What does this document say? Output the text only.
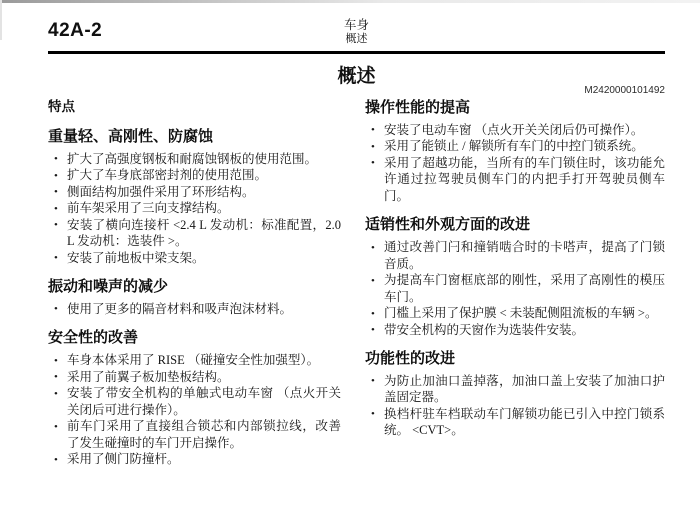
42A-2	车身
概述
概述
M2420000101492
特点
重量轻、高刚性、防腐蚀
• 扩大了高强度钢板和耐腐蚀钢板的使用范围。
• 扩大了车身底部密封剂的使用范围。
• 侧面结构加强件采用了环形结构。
• 前车架采用了三向支撑结构。
• 安装了横向连接杆 <2.4 L 发动机：标准配置，2.0 L 发动机：选装件 >。
• 安装了前地板中梁支架。
振动和噪声的减少
• 使用了更多的隔音材料和吸声泡沫材料。
安全性的改善
• 车身本体采用了 RISE （碰撞安全性加强型）。
• 采用了前翼子板加垫板结构。
• 安装了带安全机构的单触式电动车窗 （点火开关关闭后可进行操作）。
• 前车门采用了直接组合锁芯和内部锁拉线，改善了发生碰撞时的车门开启操作。
• 采用了侧门防撞杆。
操作性能的提高
• 安装了电动车窗 （点火开关关闭后仍可操作）。
• 采用了能锁止 / 解锁所有车门的中控门锁系统。
• 采用了超越功能，当所有的车门锁住时，该功能允许通过拉驾驶员侧车门的内把手打开驾驶员侧车门。
适销性和外观方面的改进
• 通过改善门闩和撞销啮合时的卡嗒声，提高了门锁音质。
• 为提高车门窗框底部的刚性，采用了高刚性的模压车门。
• 门槛上采用了保护膜 < 未装配侧阻流板的车辆 >。
• 带安全机构的天窗作为选装件安装。
功能性的改进
• 为防止加油口盖掉落，加油口盖上安装了加油口护盖固定器。
• 换档杆驻车档联动车门解锁功能已引入中控门锁系统。 <CVT>。
